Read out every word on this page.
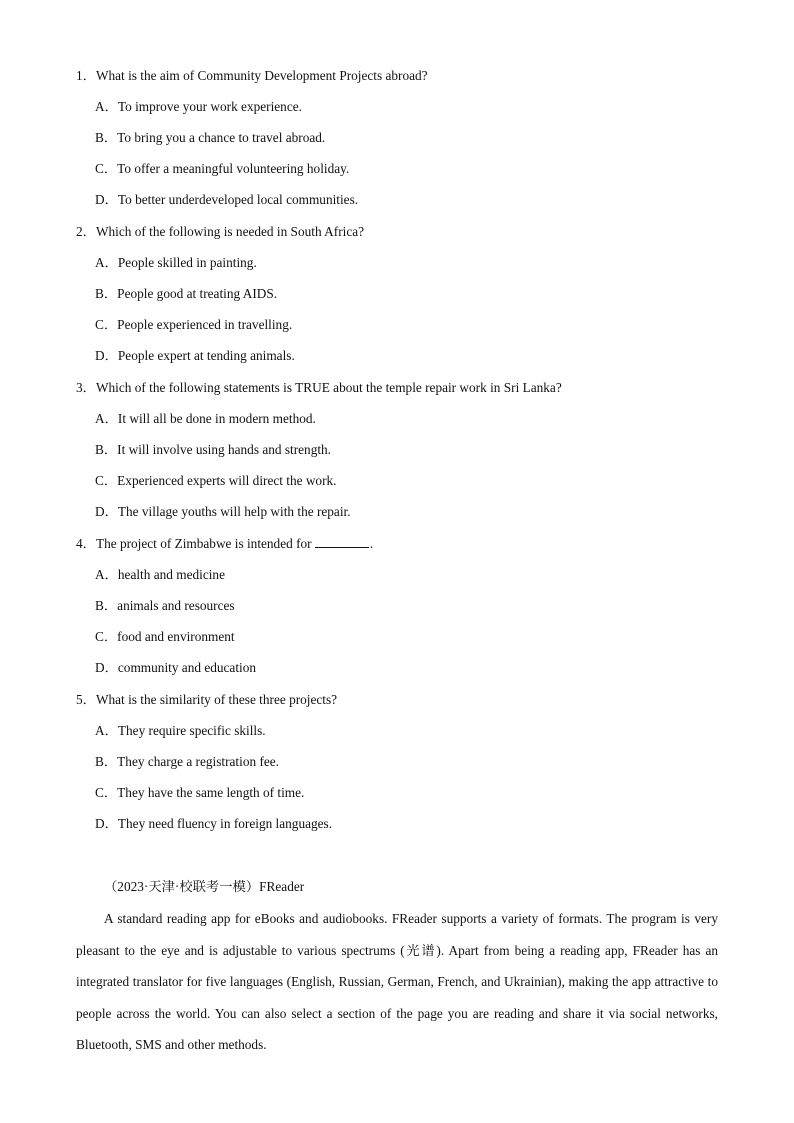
1．What is the aim of Community Development Projects abroad?
A．To improve your work experience.
B．To bring you a chance to travel abroad.
C．To offer a meaningful volunteering holiday.
D．To better underdeveloped local communities.
2．Which of the following is needed in South Africa?
A．People skilled in painting.
B．People good at treating AIDS.
C．People experienced in travelling.
D．People expert at tending animals.
3．Which of the following statements is TRUE about the temple repair work in Sri Lanka?
A．It will all be done in modern method.
B．It will involve using hands and strength.
C．Experienced experts will direct the work.
D．The village youths will help with the repair.
4．The project of Zimbabwe is intended for	.
A．health and medicine
B．animals and resources
C．food and environment
D．community and education
5．What is the similarity of these three projects?
A．They require specific skills.
B．They charge a registration fee.
C．They have the same length of time.
D．They need fluency in foreign languages.
（2023·天津·校联考一模）FReader

A standard reading app for eBooks and audiobooks. FReader supports a variety of formats. The program is very pleasant to the eye and is adjustable to various spectrums (光谱). Apart from being a reading app, FReader has an integrated translator for five languages (English, Russian, German, French, and Ukrainian), making the app attractive to people across the world. You can also select a section of the page you are reading and share it via social networks, Bluetooth, SMS and other methods.
